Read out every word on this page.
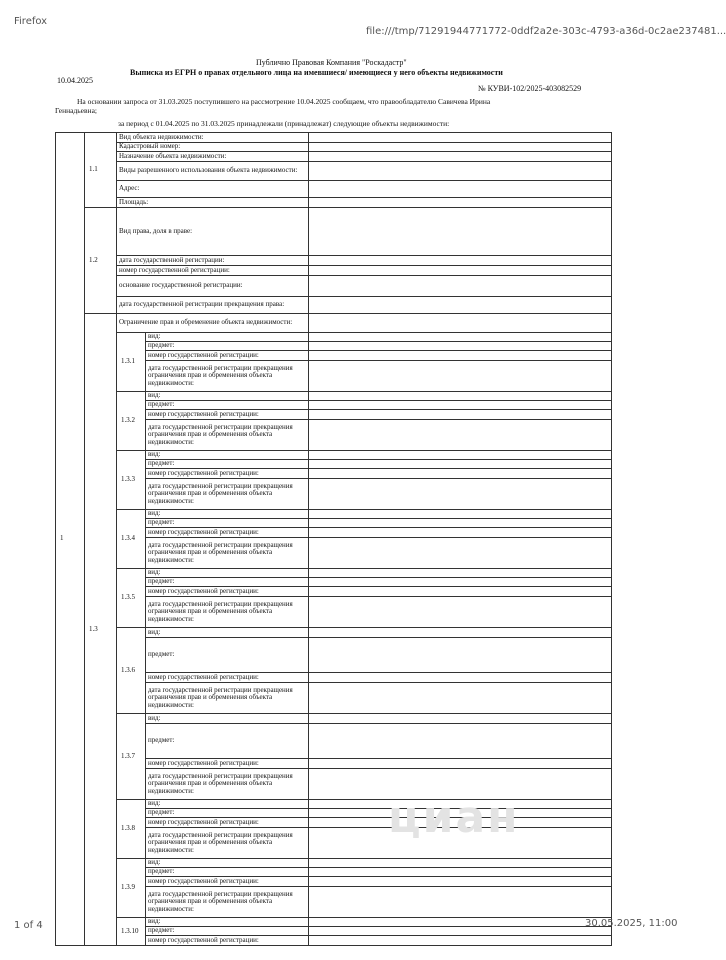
Firefox
file:///tmp/71291944771772-0ddf2a2e-303c-4793-a36d-0c2ae237481...
Публично Правовая Компания "Роскадастр"
Выписка из ЕГРН о правах отдельного лица на имевшиеся/ имеющиеся у него объекты недвижимости
10.04.2025
№ КУВИ-102/2025-403082529
На основании запроса от 31.03.2025 поступившего на рассмотрение 10.04.2025 сообщаем, что правообладателю Савичева Ирина
Геннадьевна;
за период с 01.04.2025 по 31.03.2025 принадлежали (принадлежат) следующие объекты недвижимости:
1	1.1	Вид объекта недвижимости:		
		Кадастровый номер:		
		Назначение объекта недвижимости:		
		Виды разрешенного использования объекта недвижимости:		
		Адрес:		
		Площадь:		
	1.2	Вид права, доля в праве:		
		дата государственной регистрации:		
		номер государственной регистрации:		
		основание государственной регистрации:		
		дата государственной регистрации прекращения права:		
	1.3	Ограничение прав и обременение объекта недвижимости:		
		1.3.1	вид:	
			предмет:	
			номер государственной регистрации:	
			дата государственной регистрации прекращения ограничения прав и обременения объекта недвижимости:	
		1.3.2	вид:	
			предмет:	
			номер государственной регистрации:	
			дата государственной регистрации прекращения ограничения прав и обременения объекта недвижимости:	
		1.3.3	вид:	
			предмет:	
			номер государственной регистрации:	
			дата государственной регистрации прекращения ограничения прав и обременения объекта недвижимости:	
		1.3.4	вид:	
			предмет:	
			номер государственной регистрации:	
			дата государственной регистрации прекращения ограничения прав и обременения объекта недвижимости:	
		1.3.5	вид:	
			предмет:	
			номер государственной регистрации:	
			дата государственной регистрации прекращения ограничения прав и обременения объекта недвижимости:	
		1.3.6	вид:	
			предмет:	
			номер государственной регистрации:	
			дата государственной регистрации прекращения ограничения прав и обременения объекта недвижимости:	
		1.3.7	вид:	
			предмет:	
			номер государственной регистрации:	
			дата государственной регистрации прекращения ограничения прав и обременения объекта недвижимости:	
		1.3.8	вид:	
			предмет:	
			номер государственной регистрации:	
			дата государственной регистрации прекращения ограничения прав и обременения объекта недвижимости:	
		1.3.9	вид:	
			предмет:	
			номер государственной регистрации:	
			дата государственной регистрации прекращения ограничения прав и обременения объекта недвижимости:	
		1.3.10	вид:	
			предмет:	
			номер государственной регистрации:	
циан
1 of 4	30.05.2025, 11:00
